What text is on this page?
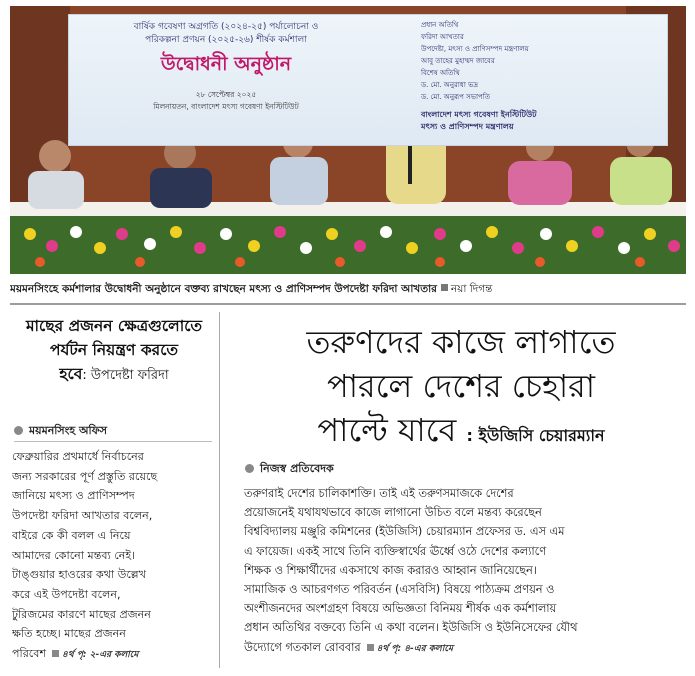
বার্ষিক গবেষণা অগ্রগতি (২০২৪-২৫) পর্যালোচনা ও
পরিকল্পনা প্রণয়ন (২০২৫-২৬) শীর্ষক কর্মশালা
উদ্বোধনী অনুষ্ঠান
২৮ সেপ্টেম্বর ২০২৫
মিলনায়তন, বাংলাদেশ মৎস্য গবেষণা ইনস্টিটিউট
প্রধান অতিথি
ফরিদা আখতার
উপদেষ্টা, মৎস্য ও প্রাণিসম্পদ মন্ত্রণালয়
আবু তাহের মুহাম্মদ জাবের
বিশেষ অতিথি
ড. মো. অনুরাধা ভদ্র
ড. মো. অনুরূপ সভাপতি
বাংলাদেশ মৎস্য গবেষণা ইনস্টিটিউট
মৎস্য ও প্রাণিসম্পদ মন্ত্রণালয়
ময়মনসিংহে কর্মশালার উদ্বোধনী অনুষ্ঠানে বক্তব্য রাখছেন মৎস্য ও প্রাণিসম্পদ উপদেষ্টা ফরিদা আখতার নয়া দিগন্ত
মাছের প্রজনন ক্ষেত্রগুলোতে
পর্যটন নিয়ন্ত্রণ করতে
হবে: উপদেষ্টা ফরিদা
ময়মনসিংহ অফিস
ফেব্রুয়ারির প্রথমার্ধে নির্বাচনের
জন্য সরকারের পূর্ণ প্রস্তুতি রয়েছে
জানিয়ে মৎস্য ও প্রাণিসম্পদ
উপদেষ্টা ফরিদা আখতার বলেন,
বাইরে কে কী বলল এ নিয়ে
আমাদের কোনো মন্তব্য নেই।
টাঙ্গুয়ার হাওরের কথা উল্লেখ
করে এই উপদেষ্টা বলেন,
টুরিজমের কারণে মাছের প্রজনন
ক্ষতি হচ্ছে। মাছের প্রজনন
পরিবেশ ৪র্থ পৃ: ২-এর কলামে
তরুণদের কাজে লাগাতে
পারলে দেশের চেহারা
পাল্টে যাবে : ইউজিসি চেয়ারম্যান
নিজস্ব প্রতিবেদক
তরুণরাই দেশের চালিকাশক্তি। তাই এই তরুণসমাজকে দেশের
প্রয়োজনেই যথাযথভাবে কাজে লাগানো উচিত বলে মন্তব্য করেছেন
বিশ্ববিদ্যালয় মঞ্জুরি কমিশনের (ইউজিসি) চেয়ারম্যান প্রফেসর ড. এস এম
এ ফায়েজ। একই সাথে তিনি ব্যক্তিস্বার্থের ঊর্ধ্বে ওঠে দেশের কল্যাণে
শিক্ষক ও শিক্ষার্থীদের একসাথে কাজ করারও আহ্বান জানিয়েছেন।
সামাজিক ও আচরণগত পরিবর্তন (এসবিসি) বিষয়ে পাঠ্যক্রম প্রণয়ন ও
অংশীজনদের অংশগ্রহণ বিষয়ে অভিজ্ঞতা বিনিময় শীর্ষক এক কর্মশালায়
প্রধান অতিথির বক্তব্যে তিনি এ কথা বলেন। ইউজিসি ও ইউনিসেফের যৌথ
উদ্যোগে গতকাল রোববার ৪র্থ পৃ: ৪-এর কলামে
